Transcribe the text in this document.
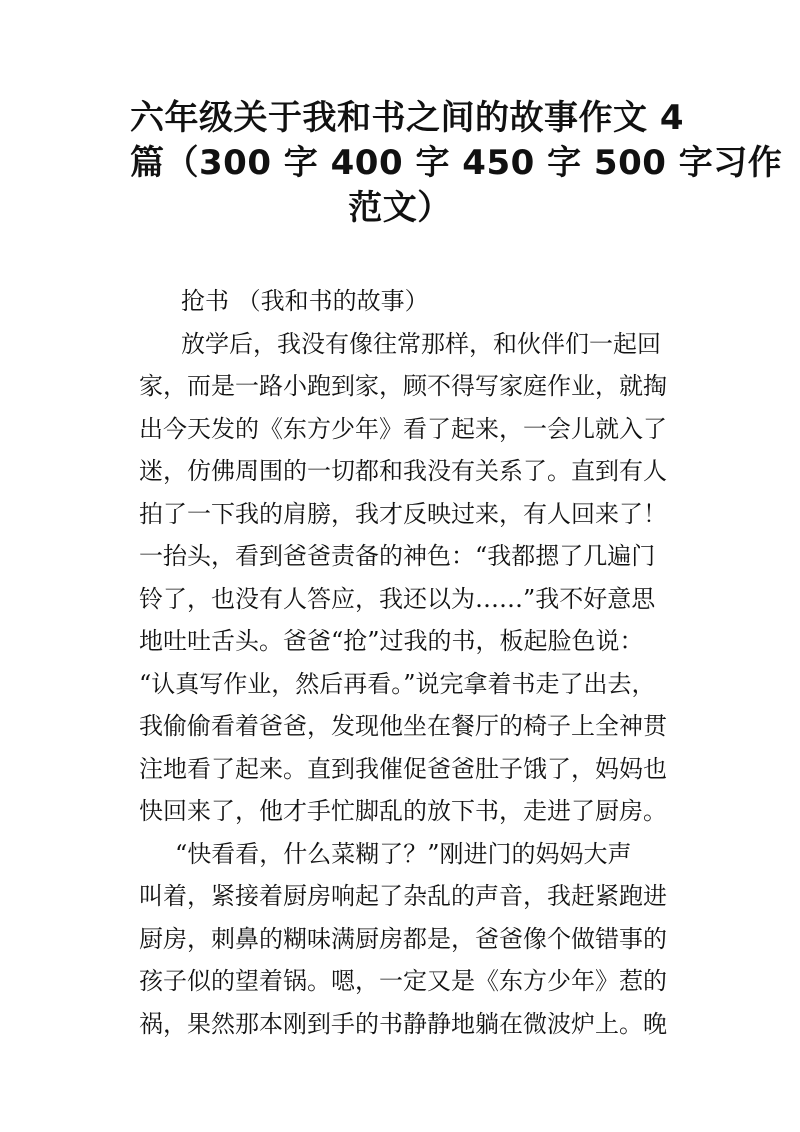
六年级关于我和书之间的故事作文 4
篇（300 字 400 字 450 字 500 字习作
范文）
抢书 （我和书的故事）
放学后，我没有像往常那样，和伙伴们一起回
家，而是一路小跑到家，顾不得写家庭作业，就掏
出今天发的《东方少年》看了起来，一会儿就入了
迷，仿佛周围的一切都和我没有关系了。直到有人
拍了一下我的肩膀，我才反映过来，有人回来了！
一抬头，看到爸爸责备的神色：“我都摁了几遍门
铃了，也没有人答应，我还以为……”我不好意思
地吐吐舌头。爸爸“抢”过我的书，板起脸色说：
“认真写作业，然后再看。”说完拿着书走了出去，
我偷偷看着爸爸，发现他坐在餐厅的椅子上全神贯
注地看了起来。直到我催促爸爸肚子饿了，妈妈也
快回来了，他才手忙脚乱的放下书，走进了厨房。
“快看看，什么菜糊了？”刚进门的妈妈大声
叫着，紧接着厨房响起了杂乱的声音，我赶紧跑进
厨房，刺鼻的糊味满厨房都是，爸爸像个做错事的
孩子似的望着锅。嗯，一定又是《东方少年》惹的
祸，果然那本刚到手的书静静地躺在微波炉上。晚
